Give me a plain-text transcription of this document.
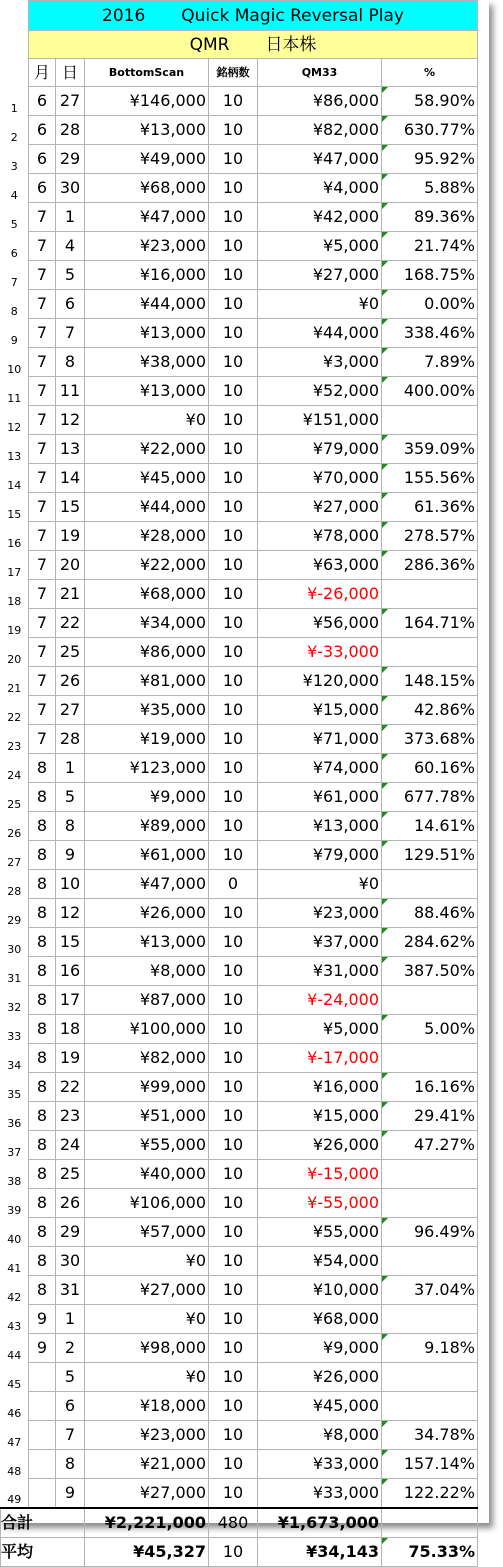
	2016 Quick Magic Reversal Play					
	QMR 日本株					
	月	日	BottomScan	銘柄数	QM33	%
1	6	27	¥146,000	10	¥86,000	58.90%
2	6	28	¥13,000	10	¥82,000	630.77%
3	6	29	¥49,000	10	¥47,000	95.92%
4	6	30	¥68,000	10	¥4,000	5.88%
5	7	1	¥47,000	10	¥42,000	89.36%
6	7	4	¥23,000	10	¥5,000	21.74%
7	7	5	¥16,000	10	¥27,000	168.75%
8	7	6	¥44,000	10	¥0	0.00%
9	7	7	¥13,000	10	¥44,000	338.46%
10	7	8	¥38,000	10	¥3,000	7.89%
11	7	11	¥13,000	10	¥52,000	400.00%
12	7	12	¥0	10	¥151,000	
13	7	13	¥22,000	10	¥79,000	359.09%
14	7	14	¥45,000	10	¥70,000	155.56%
15	7	15	¥44,000	10	¥27,000	61.36%
16	7	19	¥28,000	10	¥78,000	278.57%
17	7	20	¥22,000	10	¥63,000	286.36%
18	7	21	¥68,000	10	¥-26,000	
19	7	22	¥34,000	10	¥56,000	164.71%
20	7	25	¥86,000	10	¥-33,000	
21	7	26	¥81,000	10	¥120,000	148.15%
22	7	27	¥35,000	10	¥15,000	42.86%
23	7	28	¥19,000	10	¥71,000	373.68%
24	8	1	¥123,000	10	¥74,000	60.16%
25	8	5	¥9,000	10	¥61,000	677.78%
26	8	8	¥89,000	10	¥13,000	14.61%
27	8	9	¥61,000	10	¥79,000	129.51%
28	8	10	¥47,000	0	¥0	
29	8	12	¥26,000	10	¥23,000	88.46%
30	8	15	¥13,000	10	¥37,000	284.62%
31	8	16	¥8,000	10	¥31,000	387.50%
32	8	17	¥87,000	10	¥-24,000	
33	8	18	¥100,000	10	¥5,000	5.00%
34	8	19	¥82,000	10	¥-17,000	
35	8	22	¥99,000	10	¥16,000	16.16%
36	8	23	¥51,000	10	¥15,000	29.41%
37	8	24	¥55,000	10	¥26,000	47.27%
38	8	25	¥40,000	10	¥-15,000	
39	8	26	¥106,000	10	¥-55,000	
40	8	29	¥57,000	10	¥55,000	96.49%
41	8	30	¥0	10	¥54,000	
42	8	31	¥27,000	10	¥10,000	37.04%
43	9	1	¥0	10	¥68,000	
44	9	2	¥98,000	10	¥9,000	9.18%
45		5	¥0	10	¥26,000	
46		6	¥18,000	10	¥45,000	
47		7	¥23,000	10	¥8,000	34.78%
48		8	¥21,000	10	¥33,000	157.14%
49		9	¥27,000	10	¥33,000	122.22%
合計			¥2,221,000	480	¥1,673,000	
平均			¥45,327	10	¥34,143	75.33%
